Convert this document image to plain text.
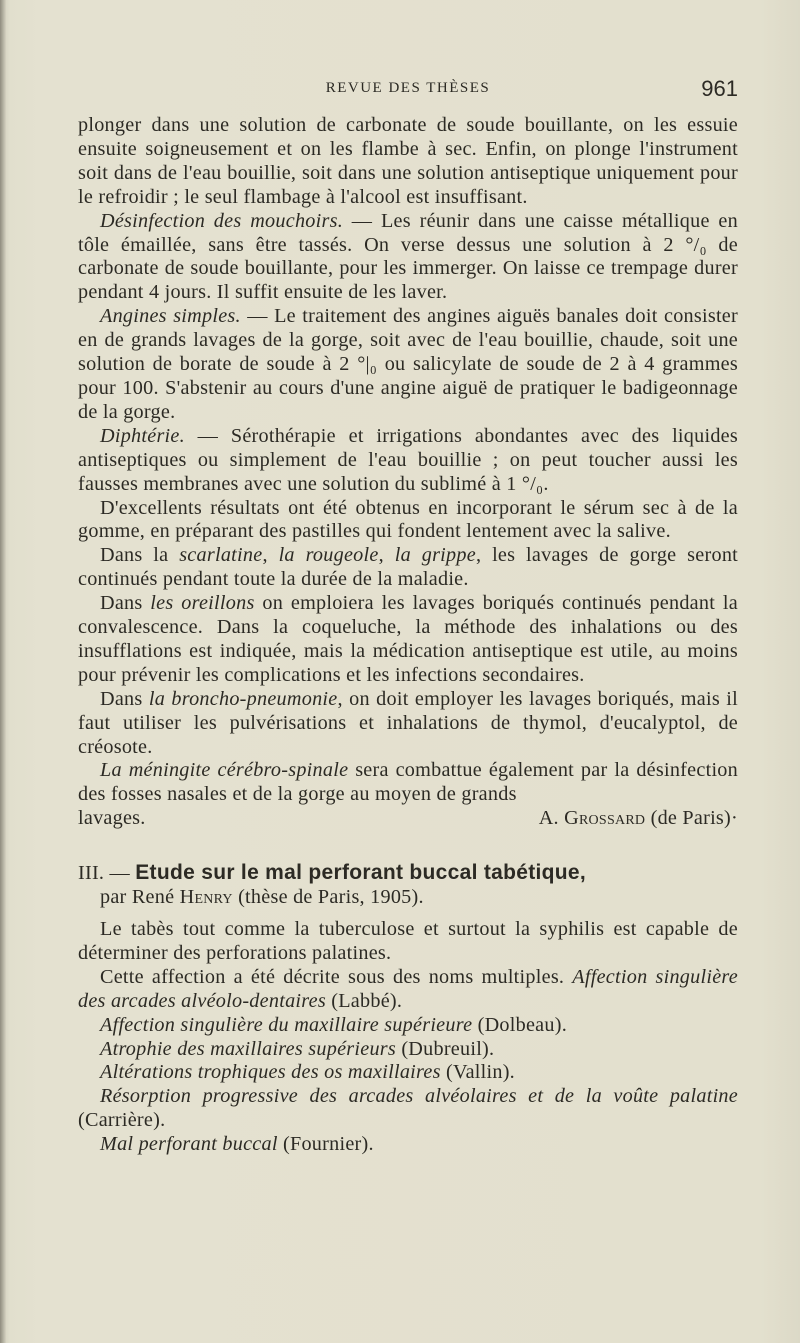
REVUE DES THÈSES	961

plonger dans une solution de carbonate de soude bouillante, on les essuie ensuite soigneusement et on les flambe à sec. Enfin, on plonge l'instrument soit dans de l'eau bouillie, soit dans une solution antiseptique uniquement pour le refroidir ; le seul flambage à l'alcool est insuffisant.

Désinfection des mouchoirs. — Les réunir dans une caisse métallique en tôle émaillée, sans être tassés. On verse dessus une solution à 2 °/₀ de carbonate de soude bouillante, pour les immerger. On laisse ce trempage durer pendant 4 jours. Il suffit ensuite de les laver.

Angines simples. — Le traitement des angines aiguës banales doit consister en de grands lavages de la gorge, soit avec de l'eau bouillie, chaude, soit une solution de borate de soude à 2 °|₀ ou salicylate de soude de 2 à 4 grammes pour 100. S'abstenir au cours d'une angine aiguë de pratiquer le badigeonnage de la gorge.

Diphtérie. — Sérothérapie et irrigations abondantes avec des liquides antiseptiques ou simplement de l'eau bouillie ; on peut toucher aussi les fausses membranes avec une solution du sublimé à 1 °/₀.

D'excellents résultats ont été obtenus en incorporant le sérum sec à de la gomme, en préparant des pastilles qui fondent lentement avec la salive.

Dans la scarlatine, la rougeole, la grippe, les lavages de gorge seront continués pendant toute la durée de la maladie.

Dans les oreillons on emploiera les lavages boriqués continués pendant la convalescence. Dans la coqueluche, la méthode des inhalations ou des insufflations est indiquée, mais la médication antiseptique est utile, au moins pour prévenir les complications et les infections secondaires.

Dans la broncho-pneumonie, on doit employer les lavages boriqués, mais il faut utiliser les pulvérisations et inhalations de thymol, d'eucalyptol, de créosote.

La méningite cérébro-spinale sera combattue également par la désinfection des fosses nasales et de la gorge au moyen de grands

lavages.	A. Grossard (de Paris)·

III. — Etude sur le mal perforant buccal tabétique,

par René Henry (thèse de Paris, 1905).

Le tabès tout comme la tuberculose et surtout la syphilis est capable de déterminer des perforations palatines.

Cette affection a été décrite sous des noms multiples. Affection singulière des arcades alvéolo-dentaires (Labbé).

Affection singulière du maxillaire supérieure (Dolbeau).

Atrophie des maxillaires supérieurs (Dubreuil).

Altérations trophiques des os maxillaires (Vallin).

Résorption progressive des arcades alvéolaires et de la voûte palatine (Carrière).

Mal perforant buccal (Fournier).
